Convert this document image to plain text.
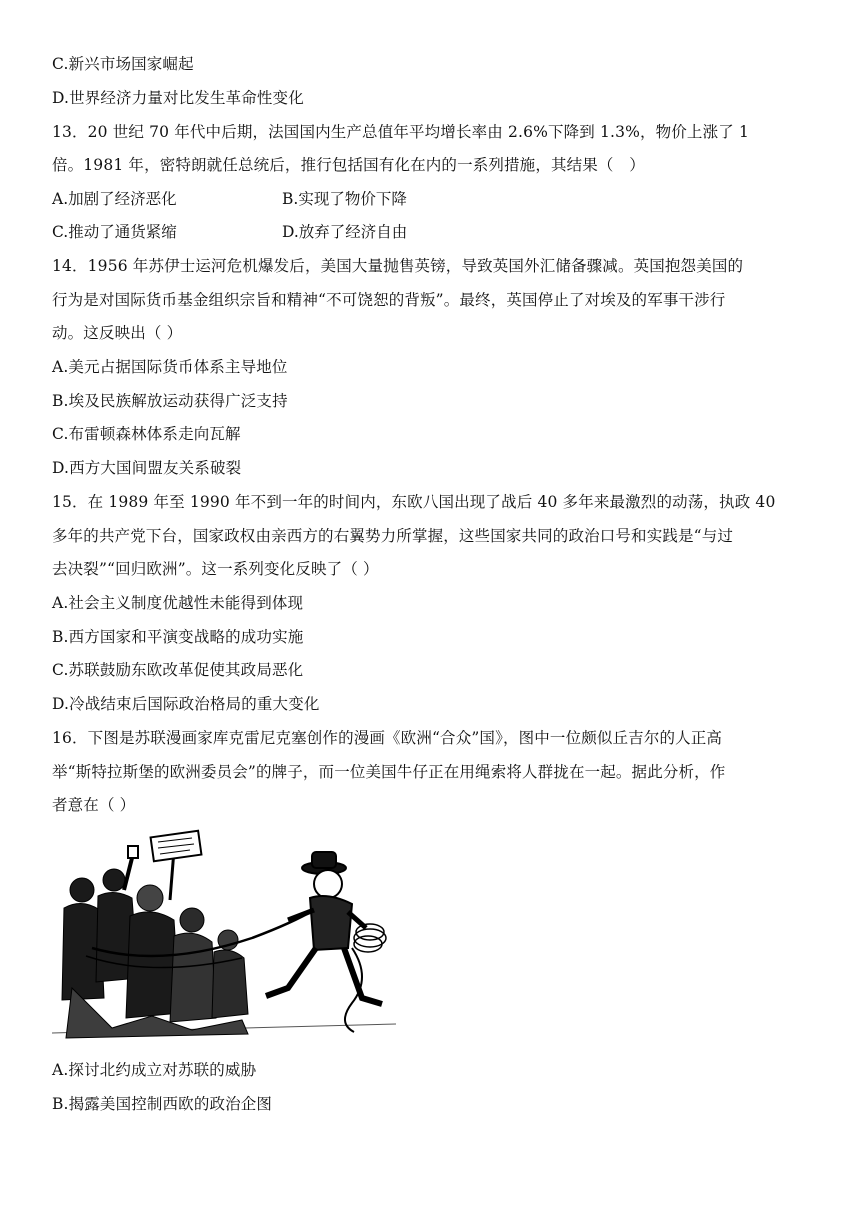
C.新兴市场国家崛起
D.世界经济力量对比发生革命性变化
13．20 世纪 70 年代中后期，法国国内生产总值年平均增长率由 2.6%下降到 1.3%，物价上涨了 1
倍。1981 年，密特朗就任总统后，推行包括国有化在内的一系列措施，其结果（　）
A.加剧了经济恶化	B.实现了物价下降
C.推动了通货紧缩	D.放弃了经济自由
14．1956 年苏伊士运河危机爆发后，美国大量抛售英镑，导致英国外汇储备骤减。英国抱怨美国的
行为是对国际货币基金组织宗旨和精神“不可饶恕的背叛”。最终，英国停止了对埃及的军事干涉行
动。这反映出（ ）
A.美元占据国际货币体系主导地位
B.埃及民族解放运动获得广泛支持
C.布雷顿森林体系走向瓦解
D.西方大国间盟友关系破裂
15．在 1989 年至 1990 年不到一年的时间内，东欧八国出现了战后 40 多年来最激烈的动荡，执政 40
多年的共产党下台，国家政权由亲西方的右翼势力所掌握，这些国家共同的政治口号和实践是“与过
去决裂”“回归欧洲”。这一系列变化反映了（ ）
A.社会主义制度优越性未能得到体现
B.西方国家和平演变战略的成功实施
C.苏联鼓励东欧改革促使其政局恶化
D.冷战结束后国际政治格局的重大变化
16．下图是苏联漫画家库克雷尼克塞创作的漫画《欧洲“合众”国》，图中一位颇似丘吉尔的人正高
举“斯特拉斯堡的欧洲委员会”的牌子，而一位美国牛仔正在用绳索将人群拢在一起。据此分析，作
者意在（ ）
A.探讨北约成立对苏联的威胁
B.揭露美国控制西欧的政治企图
